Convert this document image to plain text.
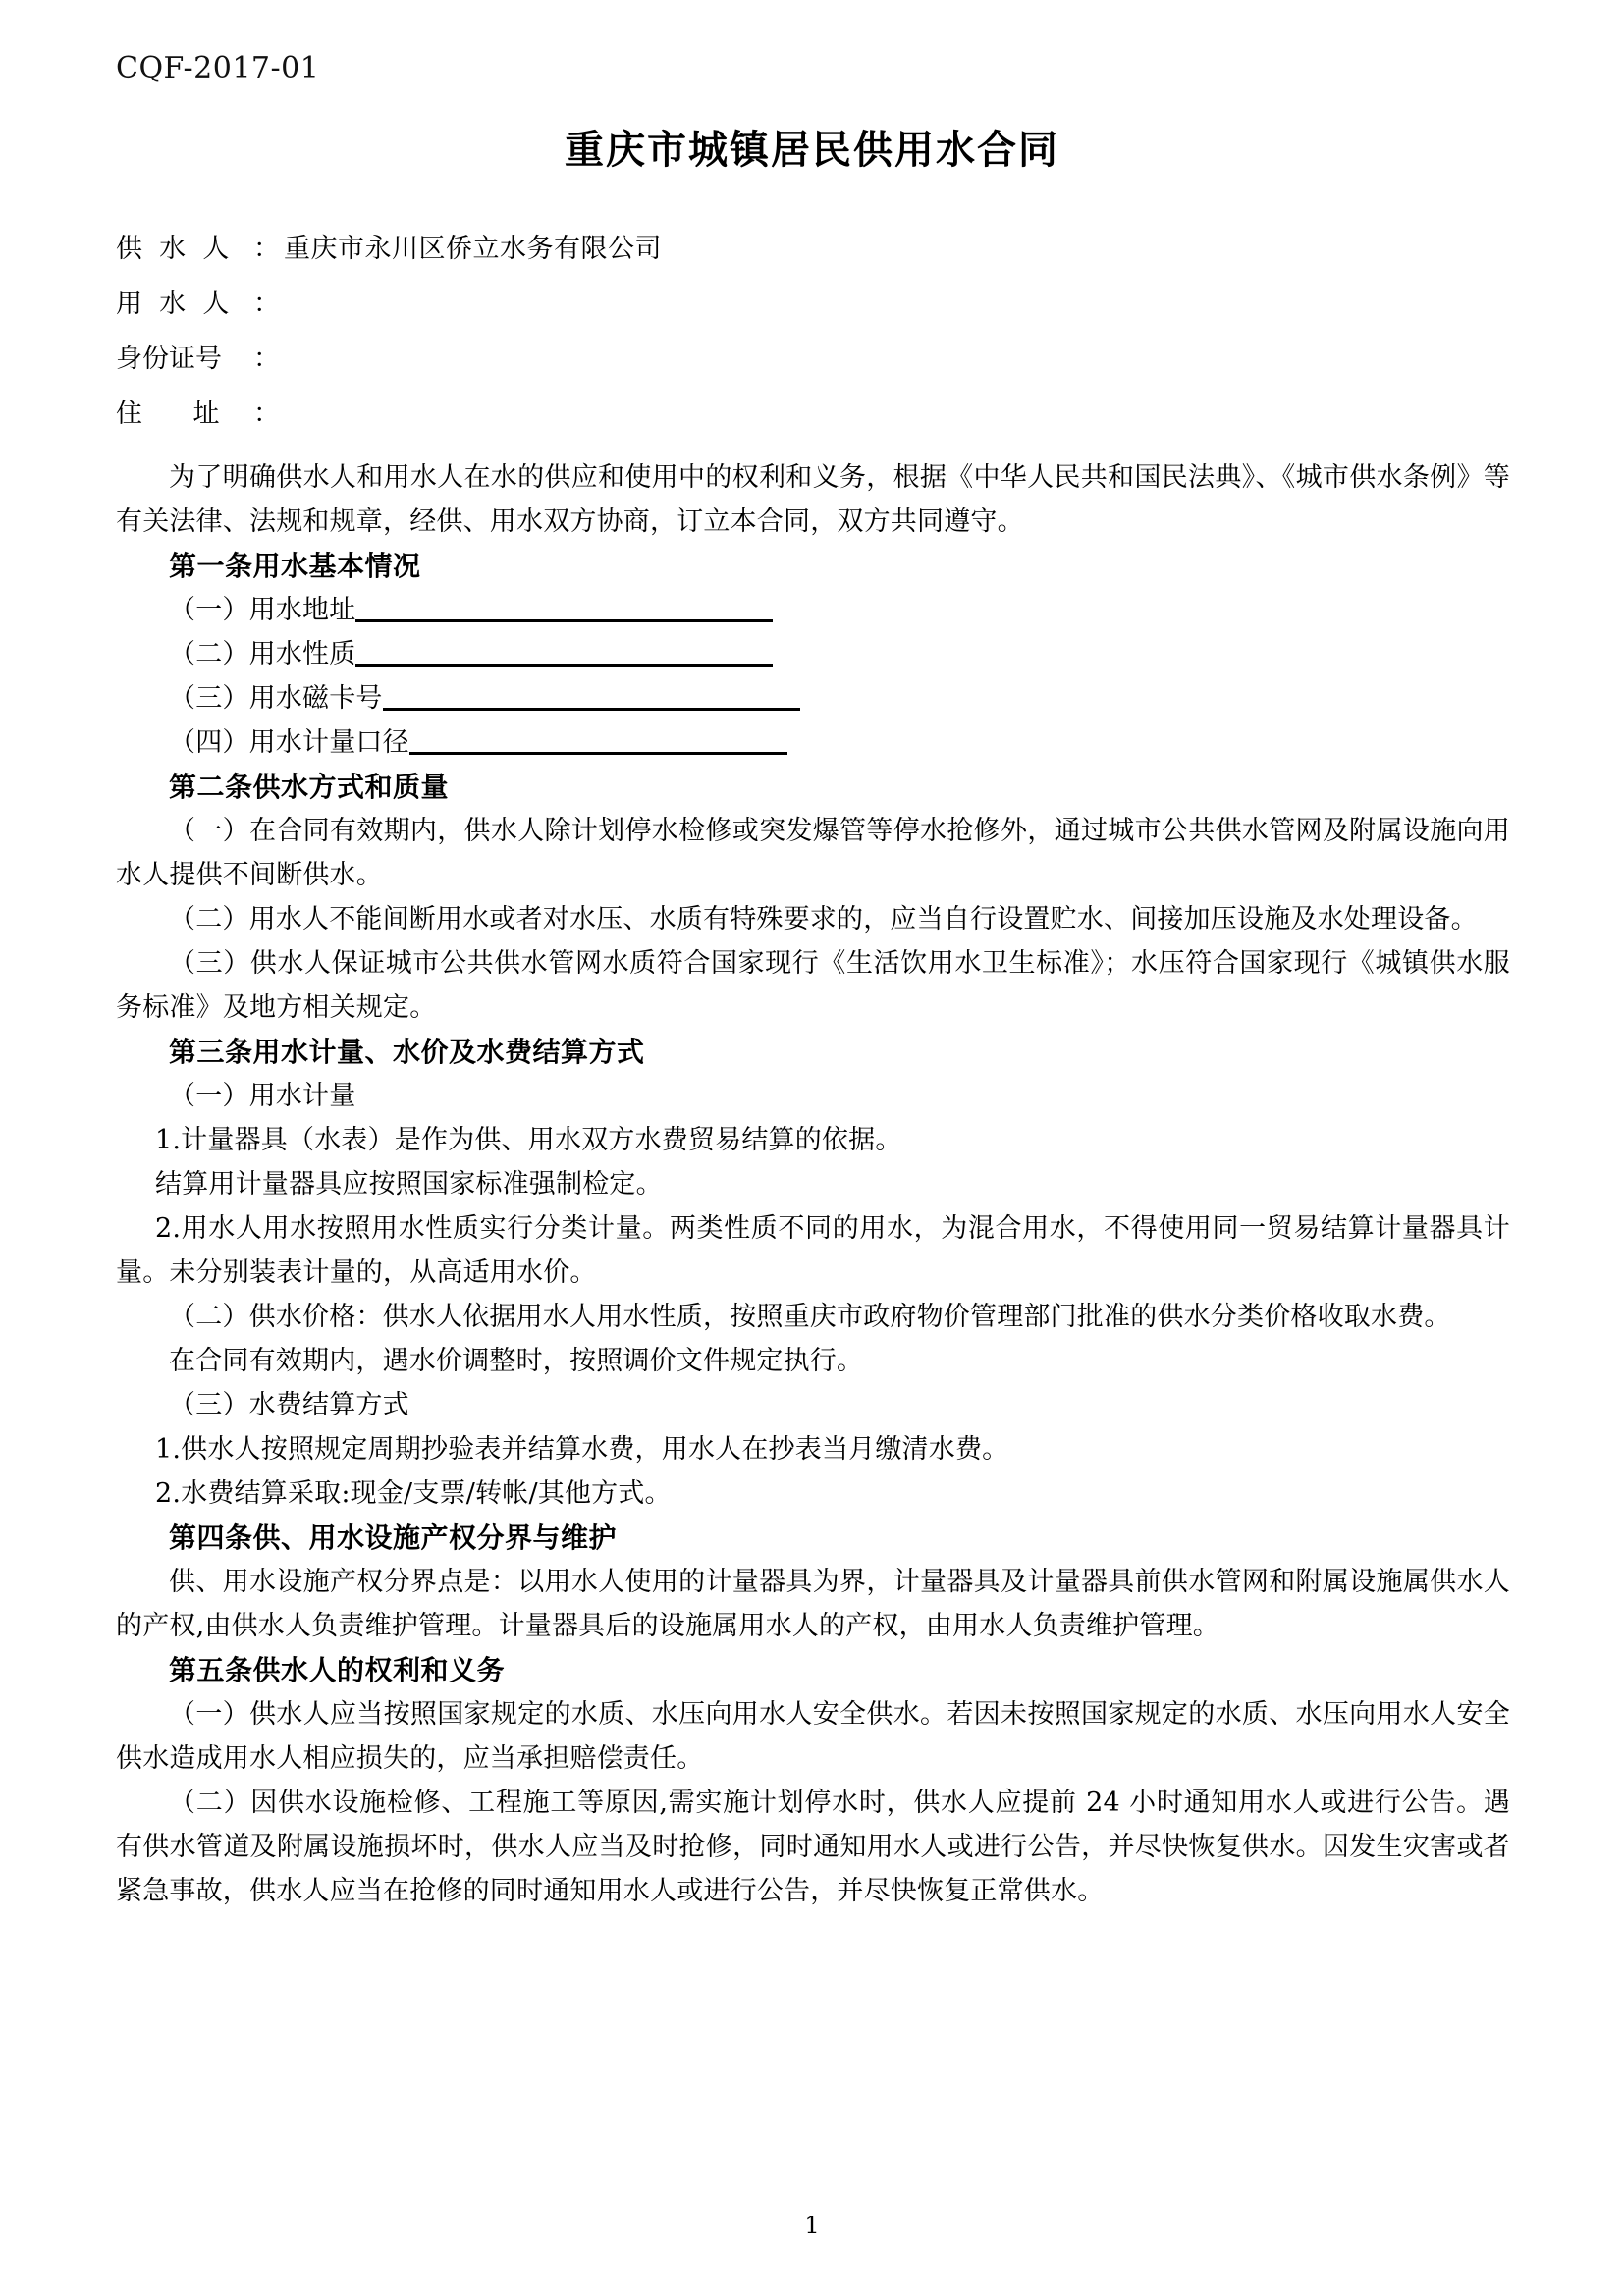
CQF-2017-01
重庆市城镇居民供用水合同
供  水  人 ： 重庆市永川区侨立水务有限公司
用  水  人 ：
身份证号	：
住      址	：

为了明确供水人和用水人在水的供应和使用中的权利和义务，根据《中华人民共和国民法典》、《城市供水条例》等有关法律、法规和规章，经供、用水双方协商，订立本合同，双方共同遵守。

第一条用水基本情况
（一）用水地址
（二）用水性质
（三）用水磁卡号
（四）用水计量口径
第二条供水方式和质量

（一）在合同有效期内，供水人除计划停水检修或突发爆管等停水抢修外，通过城市公共供水管网及附属设施向用水人提供不间断供水。

（二）用水人不能间断用水或者对水压、水质有特殊要求的，应当自行设置贮水、间接加压设施及水处理设备。

（三）供水人保证城市公共供水管网水质符合国家现行《生活饮用水卫生标准》；水压符合国家现行《城镇供水服务标准》及地方相关规定。

第三条用水计量、水价及水费结算方式

（一）用水计量

1.计量器具（水表）是作为供、用水双方水费贸易结算的依据。

结算用计量器具应按照国家标准强制检定。

2.用水人用水按照用水性质实行分类计量。两类性质不同的用水，为混合用水，不得使用同一贸易结算计量器具计量。未分别装表计量的，从高适用水价。

（二）供水价格：供水人依据用水人用水性质，按照重庆市政府物价管理部门批准的供水分类价格收取水费。

在合同有效期内，遇水价调整时，按照调价文件规定执行。

（三）水费结算方式

1.供水人按照规定周期抄验表并结算水费，用水人在抄表当月缴清水费。

2.水费结算采取:现金/支票/转帐/其他方式。

第四条供、用水设施产权分界与维护

供、用水设施产权分界点是：以用水人使用的计量器具为界，计量器具及计量器具前供水管网和附属设施属供水人的产权,由供水人负责维护管理。计量器具后的设施属用水人的产权，由用水人负责维护管理。

第五条供水人的权利和义务

（一）供水人应当按照国家规定的水质、水压向用水人安全供水。若因未按照国家规定的水质、水压向用水人安全供水造成用水人相应损失的，应当承担赔偿责任。

（二）因供水设施检修、工程施工等原因,需实施计划停水时，供水人应提前 24 小时通知用水人或进行公告。遇有供水管道及附属设施损坏时，供水人应当及时抢修，同时通知用水人或进行公告，并尽快恢复供水。因发生灾害或者紧急事故，供水人应当在抢修的同时通知用水人或进行公告，并尽快恢复正常供水。

1
